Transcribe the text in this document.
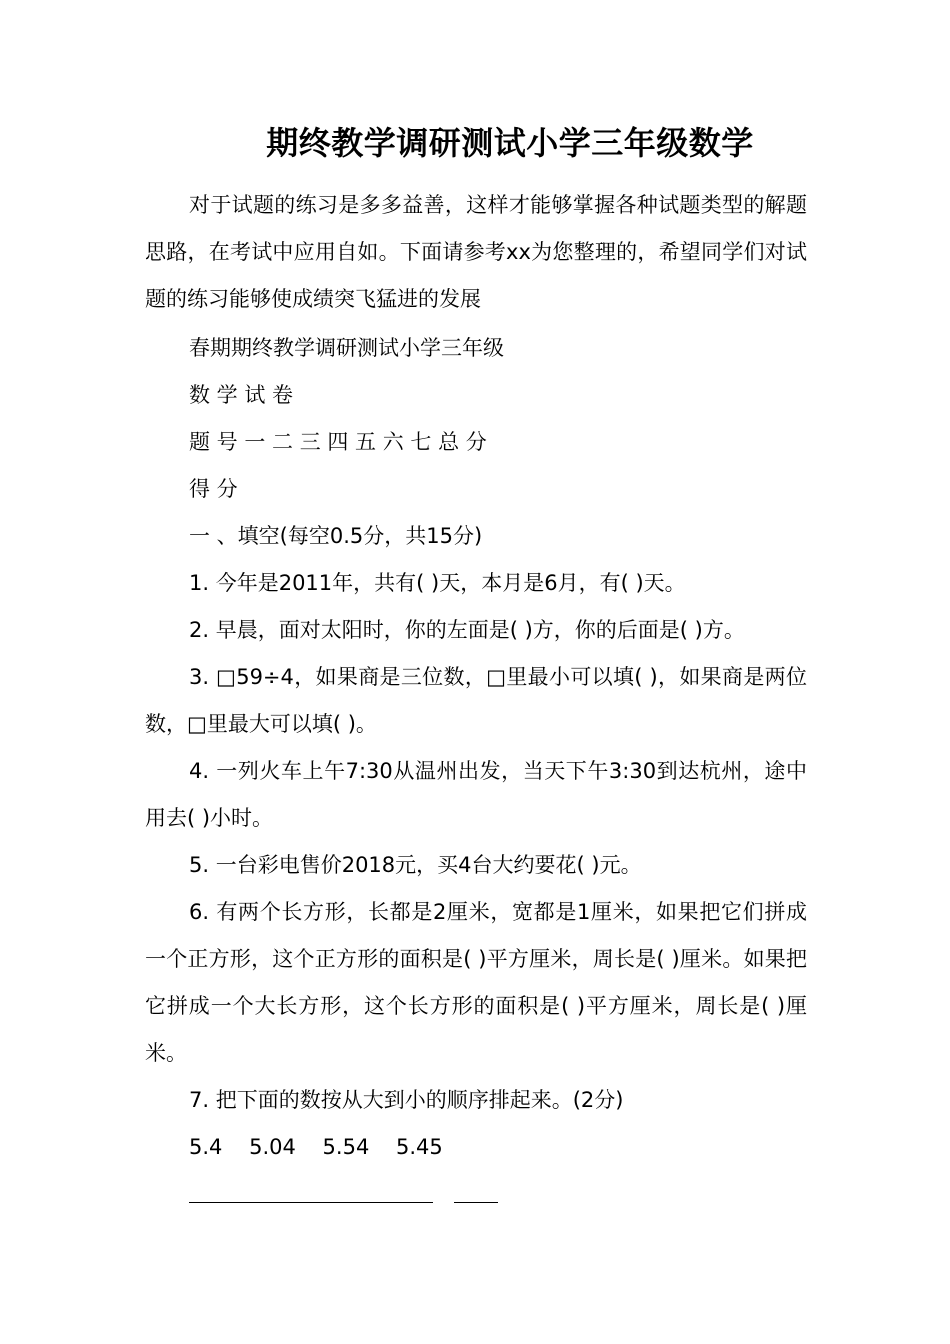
期终教学调研测试小学三年级数学

对于试题的练习是多多益善，这样才能够掌握各种试题类型的解题思路，在考试中应用自如。下面请参考xx为您整理的，希望同学们对试题的练习能够使成绩突飞猛进的发展

春期期终教学调研测试小学三年级

数 学 试 卷

题 号 一 二 三 四 五 六 七 总 分

得 分

一 、填空(每空0.5分，共15分)

1. 今年是2011年，共有( )天，本月是6月，有( )天。

2. 早晨，面对太阳时，你的左面是( )方，你的后面是( )方。

3. □59÷4，如果商是三位数，□里最小可以填( )，如果商是两位数，□里最大可以填( )。

4. 一列火车上午7:30从温州出发，当天下午3:30到达杭州，途中用去( )小时。

5. 一台彩电售价2018元，买4台大约要花( )元。

6. 有两个长方形，长都是2厘米，宽都是1厘米，如果把它们拼成一个正方形，这个正方形的面积是( )平方厘米，周长是( )厘米。如果把它拼成一个大长方形，这个长方形的面积是( )平方厘米，周长是( )厘米。

7. 把下面的数按从大到小的顺序排起来。(2分)

5.4    5.04    5.54    5.45
